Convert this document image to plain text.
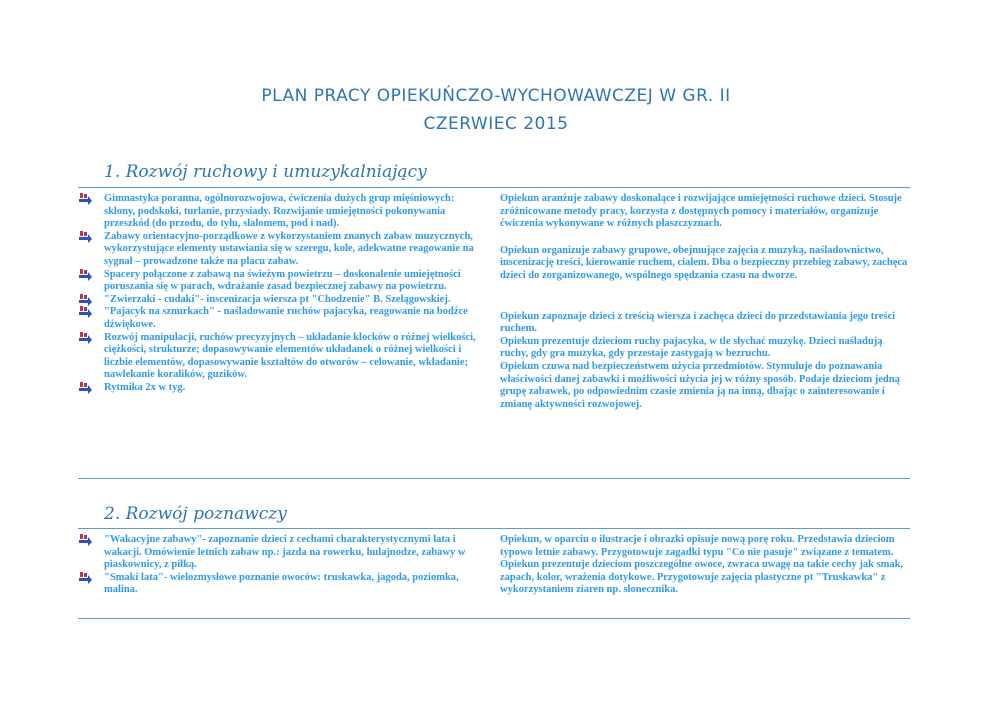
PLAN PRACY OPIEKUŃCZO-WYCHOWAWCZEJ W GR. II
CZERWIEC 2015
1. Rozwój ruchowy i umuzykalniający
Gimnastyka poranna, ogólnorozwojowa, ćwiczenia dużych grup mięśniowych: skłony, podskoki, turlanie, przysiady. Rozwijanie umiejętności pokonywania przeszkód (do przodu, do tyłu, slalomem, pod i nad).
Zabawy orientacyjno-porządkowe z wykorzystaniem znanych zabaw muzycznych, wykorzystujące elementy ustawiania się w szeregu, kole, adekwatne reagowanie na sygnał – prowadzone także na placu zabaw.
Spacery połączone z zabawą na świeżym powietrzu – doskonalenie umiejętności poruszania się w parach, wdrażanie zasad bezpiecznej zabawy na powietrzu.
"Zwierzaki - cudaki"- inscenizacja wiersza pt "Chodzenie" B. Szelągowskiej.
"Pajacyk na sznurkach" - naśladowanie ruchów pajacyka, reagowanie na bodźce dźwiękowe.
Rozwój manipulacji, ruchów precyzyjnych – układanie klocków o różnej wielkości, ciężkości, strukturze; dopasowywanie elementów układanek o różnej wielkości i liczbie elementów, dopasowywanie kształtów do otworów – celowanie, wkładanie; nawlekanie koralików, guzików.
Rytmika 2x w tyg.

Opiekun aranżuje zabawy doskonalące i rozwijające umiejętności ruchowe dzieci. Stosuje zróżnicowane metody pracy, korzysta z dostępnych pomocy i materiałów, organizuje ćwiczenia wykonywane w różnych płaszczyznach.

Opiekun organizuje zabawy grupowe, obejmujące zajęcia z muzyką, naśladownictwo, inscenizację treści, kierowanie ruchem, ciałem. Dba o bezpieczny przebieg zabawy, zachęca dzieci do zorganizowanego, wspólnego spędzania czasu na dworze.

Opiekun zapoznaje dzieci z treścią wiersza i zachęca dzieci do przedstawiania jego treści ruchem.

Opiekun prezentuje dzieciom ruchy pajacyka, w tle słychać muzykę. Dzieci naśladują ruchy, gdy gra muzyka, gdy przestaje zastygają w bezruchu.

Opiekun czuwa nad bezpieczeństwem użycia przedmiotów. Stymuluje do poznawania właściwości danej zabawki i możliwości użycia jej w różny sposób. Podaje dzieciom jedną grupę zabawek, po odpowiednim czasie zmienia ją na inną, dbając o zainteresowanie i zmianę aktywności rozwojowej.

2. Rozwój poznawczy
"Wakacyjne zabawy"- zapoznanie dzieci z cechami charakterystycznymi lata i wakacji. Omówienie letnich zabaw np.: jazda na rowerku, hulajnodze, zabawy w piaskownicy, z piłką.
"Smaki lata"- wielozmysłowe poznanie owoców: truskawka, jagoda, poziomka, malina.

Opiekun, w oparciu o ilustracje i obrazki opisuje nową porę roku. Przedstawia dzieciom typowo letnie zabawy. Przygotowuje zagadki typu "Co nie pasuje" związane z tematem.

Opiekun prezentuje dzieciom poszczególne owoce, zwraca uwagę na takie cechy jak smak, zapach, kolor, wrażenia dotykowe. Przygotowuje zajęcia plastyczne pt "Truskawka" z wykorzystaniem ziaren np. słonecznika.
